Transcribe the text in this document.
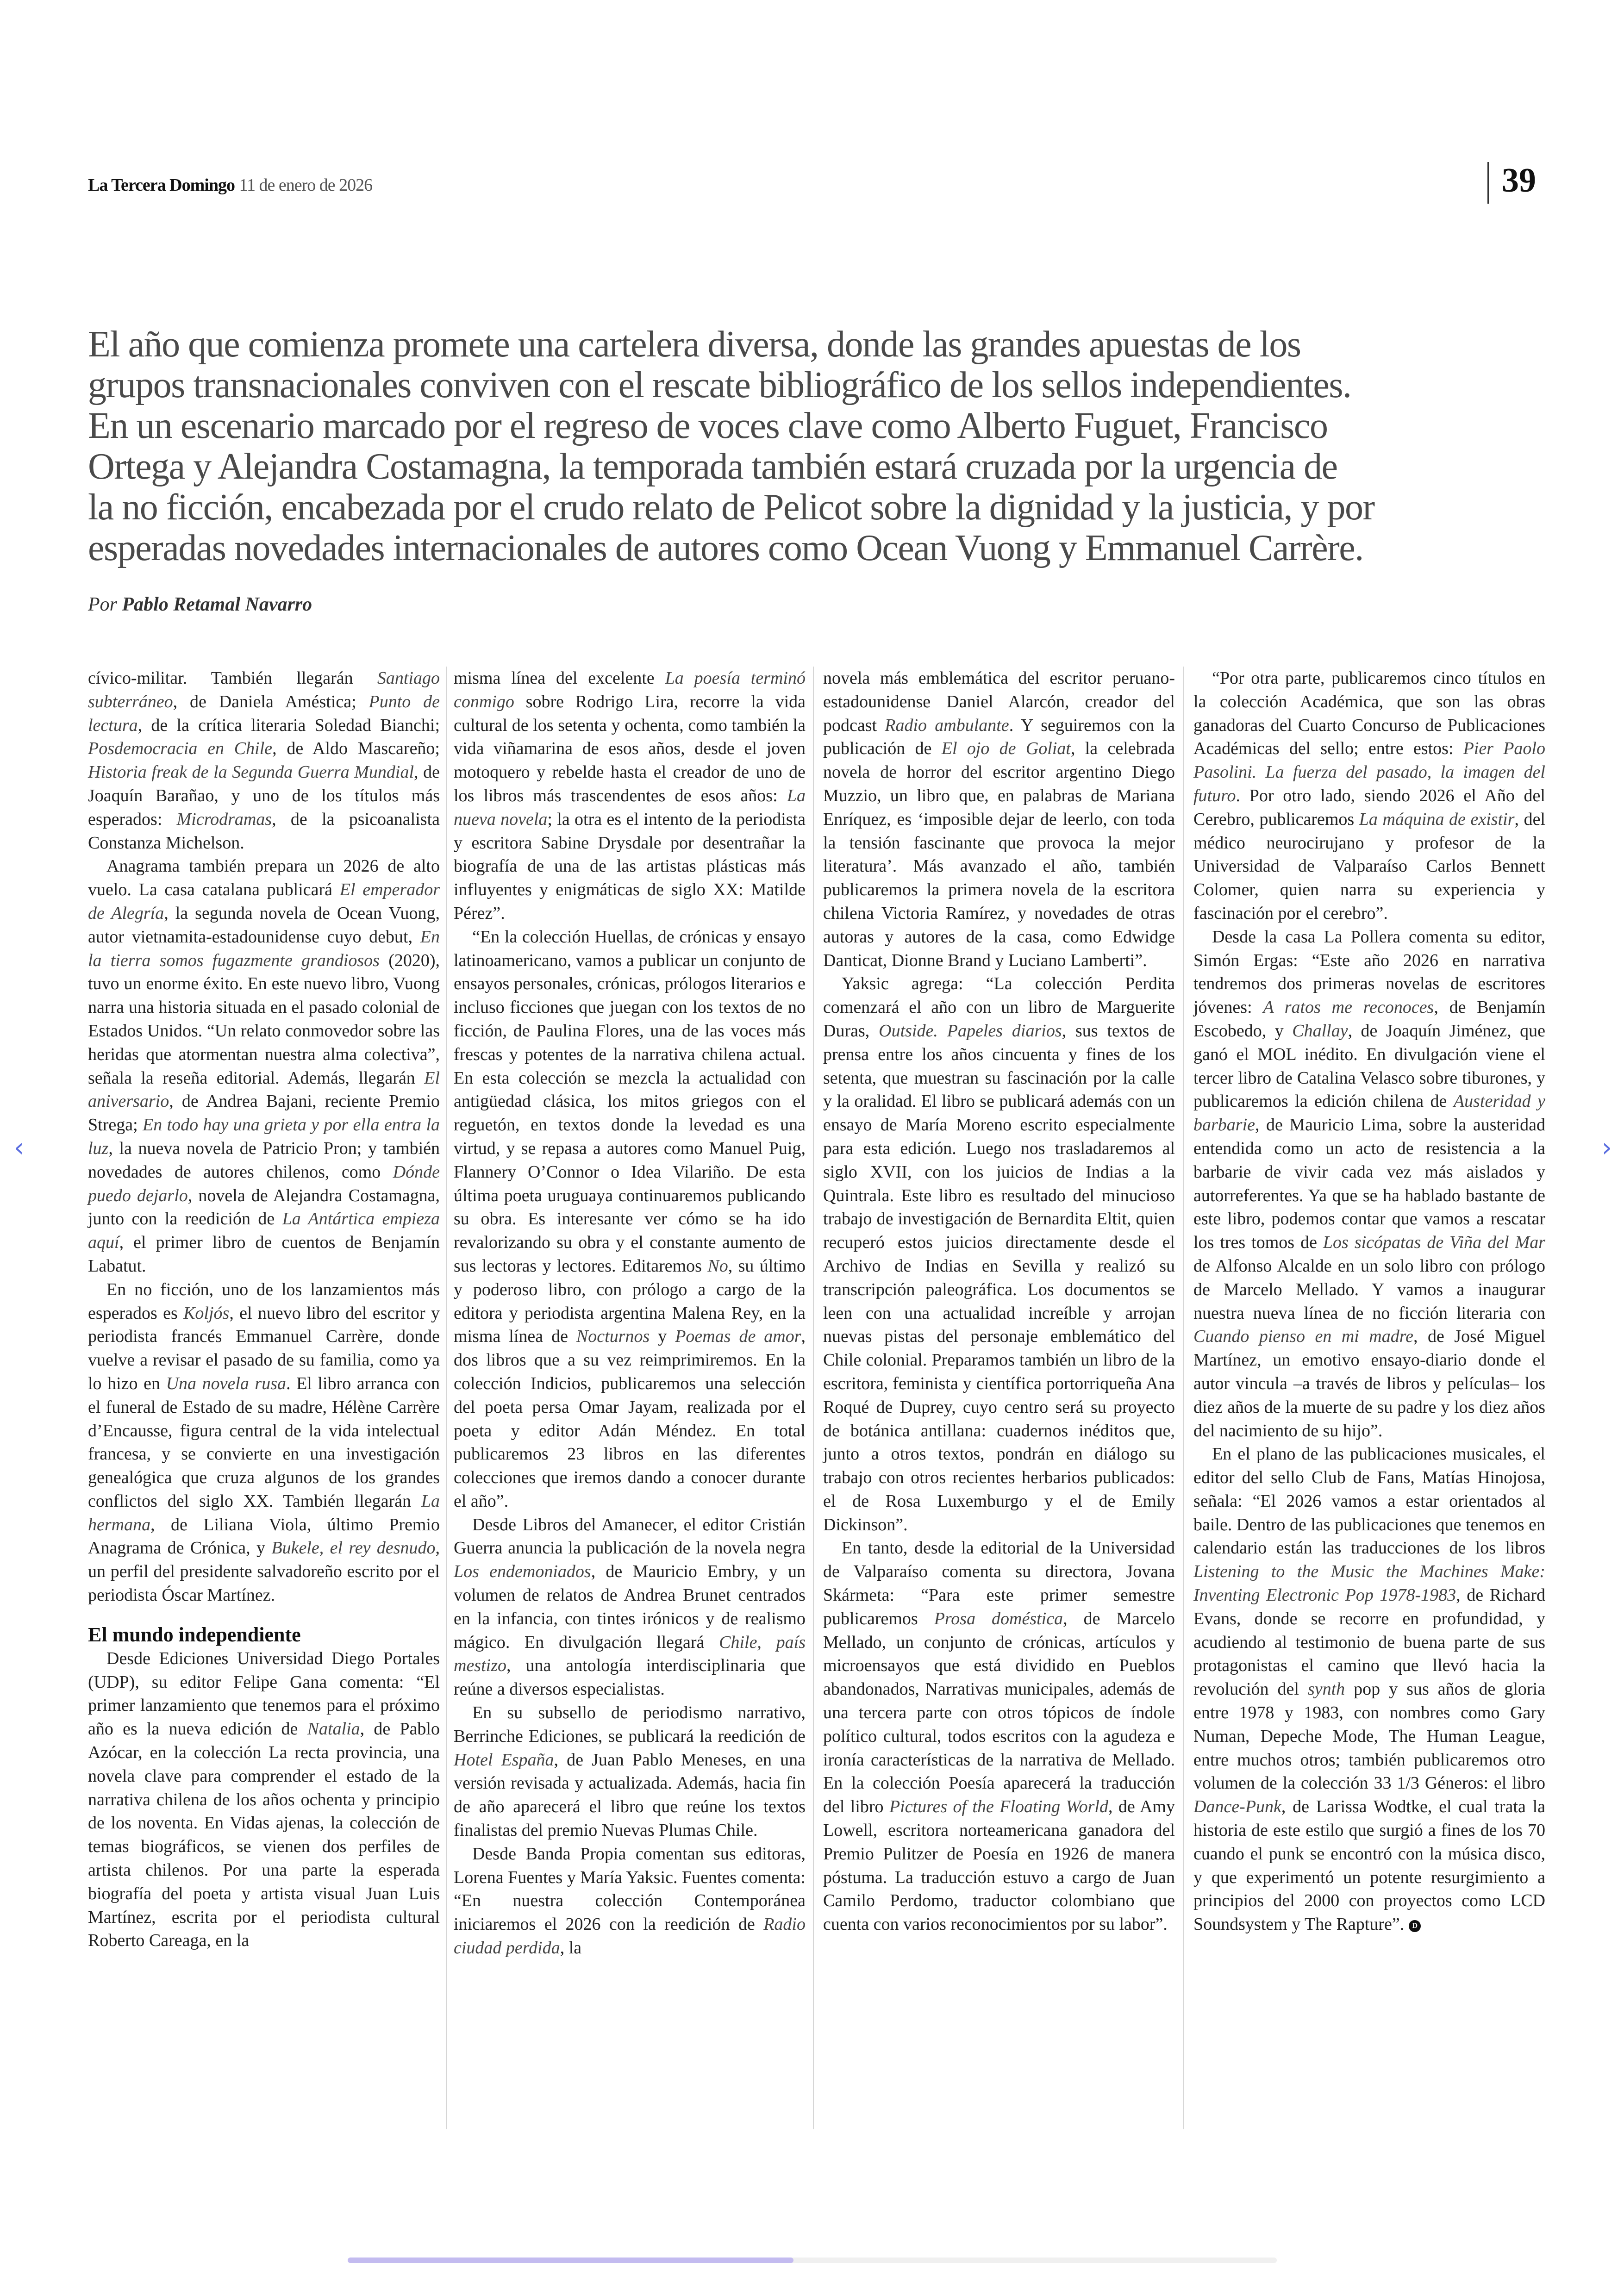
La Tercera Domingo 11 de enero de 2026	39
El año que comienza promete una cartelera diversa, donde las grandes apuestas de los
grupos transnacionales conviven con el rescate bibliográfico de los sellos independientes.
En un escenario marcado por el regreso de voces clave como Alberto Fuguet, Francisco
Ortega y Alejandra Costamagna, la temporada también estará cruzada por la urgencia de
la no ficción, encabezada por el crudo relato de Pelicot sobre la dignidad y la justicia, y por
esperadas novedades internacionales de autores como Ocean Vuong y Emmanuel Carrère.
Por Pablo Retamal Navarro

cívico-militar. También llegarán Santiago subterráneo, de Daniela Améstica; Punto de lectura, de la crítica literaria Soledad Bianchi; Posdemocracia en Chile, de Aldo Mascareño; Historia freak de la Segunda Guerra Mundial, de Joaquín Barañao, y uno de los títulos más esperados: Microdramas, de la psicoanalista Constanza Michelson.

Anagrama también prepara un 2026 de alto vuelo. La casa catalana publicará El emperador de Alegría, la segunda novela de Ocean Vuong, autor vietnamita-estadounidense cuyo debut, En la tierra somos fugazmente grandiosos (2020), tuvo un enorme éxito. En este nuevo libro, Vuong narra una historia situada en el pasado colonial de Estados Unidos. “Un relato conmovedor sobre las heridas que atormentan nuestra alma colectiva”, señala la reseña editorial. Además, llegarán El aniversario, de Andrea Bajani, reciente Premio Strega; En todo hay una grieta y por ella entra la luz, la nueva novela de Patricio Pron; y también novedades de autores chilenos, como Dónde puedo dejarlo, novela de Alejandra Costamagna, junto con la reedición de La Antártica empieza aquí, el primer libro de cuentos de Benjamín Labatut.

En no ficción, uno de los lanzamientos más esperados es Koljós, el nuevo libro del escritor y periodista francés Emmanuel Carrère, donde vuelve a revisar el pasado de su familia, como ya lo hizo en Una novela rusa. El libro arranca con el funeral de Estado de su madre, Hélène Carrère d’Encausse, figura central de la vida intelectual francesa, y se convierte en una investigación genealógica que cruza algunos de los grandes conflictos del siglo XX. También llegarán La hermana, de Liliana Viola, último Premio Anagrama de Crónica, y Bukele, el rey desnudo, un perfil del presidente salvadoreño escrito por el periodista Óscar Martínez.

El mundo independiente

Desde Ediciones Universidad Diego Portales (UDP), su editor Felipe Gana comenta: “El primer lanzamiento que tenemos para el próximo año es la nueva edición de Natalia, de Pablo Azócar, en la colección La recta provincia, una novela clave para comprender el estado de la narrativa chilena de los años ochenta y principio de los noventa. En Vidas ajenas, la colección de temas biográficos, se vienen dos perfiles de artista chilenos. Por una parte la esperada biografía del poeta y artista visual Juan Luis Martínez, escrita por el periodista cultural Roberto Careaga, en la

misma línea del excelente La poesía terminó conmigo sobre Rodrigo Lira, recorre la vida cultural de los setenta y ochenta, como también la vida viñamarina de esos años, desde el joven motoquero y rebelde hasta el creador de uno de los libros más trascendentes de esos años: La nueva novela; la otra es el intento de la periodista y escritora Sabine Drysdale por desentrañar la biografía de una de las artistas plásticas más influyentes y enigmáticas de siglo XX: Matilde Pérez”.

“En la colección Huellas, de crónicas y ensayo latinoamericano, vamos a publicar un conjunto de ensayos personales, crónicas, prólogos literarios e incluso ficciones que juegan con los textos de no ficción, de Paulina Flores, una de las voces más frescas y potentes de la narrativa chilena actual. En esta colección se mezcla la actualidad con antigüedad clásica, los mitos griegos con el reguetón, en textos donde la levedad es una virtud, y se repasa a autores como Manuel Puig, Flannery O’Connor o Idea Vilariño. De esta última poeta uruguaya continuaremos publicando su obra. Es interesante ver cómo se ha ido revalorizando su obra y el constante aumento de sus lectoras y lectores. Editaremos No, su último y poderoso libro, con prólogo a cargo de la editora y periodista argentina Malena Rey, en la misma línea de Nocturnos y Poemas de amor, dos libros que a su vez reimprimiremos. En la colección Indicios, publicaremos una selección del poeta persa Omar Jayam, realizada por el poeta y editor Adán Méndez. En total publicaremos 23 libros en las diferentes colecciones que iremos dando a conocer durante el año”.

Desde Libros del Amanecer, el editor Cristián Guerra anuncia la publicación de la novela negra Los endemoniados, de Mauricio Embry, y un volumen de relatos de Andrea Brunet centrados en la infancia, con tintes irónicos y de realismo mágico. En divulgación llegará Chile, país mestizo, una antología interdisciplinaria que reúne a diversos especialistas.

En su subsello de periodismo narrativo, Berrinche Ediciones, se publicará la reedición de Hotel España, de Juan Pablo Meneses, en una versión revisada y actualizada. Además, hacia fin de año aparecerá el libro que reúne los textos finalistas del premio Nuevas Plumas Chile.

Desde Banda Propia comentan sus editoras, Lorena Fuentes y María Yaksic. Fuentes comenta: “En nuestra colección Contemporánea iniciaremos el 2026 con la reedición de Radio ciudad perdida, la

novela más emblemática del escritor peruano-estadounidense Daniel Alarcón, creador del podcast Radio ambulante. Y seguiremos con la publicación de El ojo de Goliat, la celebrada novela de horror del escritor argentino Diego Muzzio, un libro que, en palabras de Mariana Enríquez, es ‘imposible dejar de leerlo, con toda la tensión fascinante que provoca la mejor literatura’. Más avanzado el año, también publicaremos la primera novela de la escritora chilena Victoria Ramírez, y novedades de otras autoras y autores de la casa, como Edwidge Danticat, Dionne Brand y Luciano Lamberti”.

Yaksic agrega: “La colección Perdita comenzará el año con un libro de Marguerite Duras, Outside. Papeles diarios, sus textos de prensa entre los años cincuenta y fines de los setenta, que muestran su fascinación por la calle y la oralidad. El libro se publicará además con un ensayo de María Moreno escrito especialmente para esta edición. Luego nos trasladaremos al siglo XVII, con los juicios de Indias a la Quintrala. Este libro es resultado del minucioso trabajo de investigación de Bernardita Eltit, quien recuperó estos juicios directamente desde el Archivo de Indias en Sevilla y realizó su transcripción paleográfica. Los documentos se leen con una actualidad increíble y arrojan nuevas pistas del personaje emblemático del Chile colonial. Preparamos también un libro de la escritora, feminista y científica portorriqueña Ana Roqué de Duprey, cuyo centro será su proyecto de botánica antillana: cuadernos inéditos que, junto a otros textos, pondrán en diálogo su trabajo con otros recientes herbarios publicados: el de Rosa Luxemburgo y el de Emily Dickinson”.

En tanto, desde la editorial de la Universidad de Valparaíso comenta su directora, Jovana Skármeta: “Para este primer semestre publicaremos Prosa doméstica, de Marcelo Mellado, un conjunto de crónicas, artículos y microensayos que está dividido en Pueblos abandonados, Narrativas municipales, además de una tercera parte con otros tópicos de índole político cultural, todos escritos con la agudeza e ironía características de la narrativa de Mellado. En la colección Poesía aparecerá la traducción del libro Pictures of the Floating World, de Amy Lowell, escritora norteamericana ganadora del Premio Pulitzer de Poesía en 1926 de manera póstuma. La traducción estuvo a cargo de Juan Camilo Perdomo, traductor colombiano que cuenta con varios reconocimientos por su labor”.

“Por otra parte, publicaremos cinco títulos en la colección Académica, que son las obras ganadoras del Cuarto Concurso de Publicaciones Académicas del sello; entre estos: Pier Paolo Pasolini. La fuerza del pasado, la imagen del futuro. Por otro lado, siendo 2026 el Año del Cerebro, publicaremos La máquina de existir, del médico neurocirujano y profesor de la Universidad de Valparaíso Carlos Bennett Colomer, quien narra su experiencia y fascinación por el cerebro”.

Desde la casa La Pollera comenta su editor, Simón Ergas: “Este año 2026 en narrativa tendremos dos primeras novelas de escritores jóvenes: A ratos me reconoces, de Benjamín Escobedo, y Challay, de Joaquín Jiménez, que ganó el MOL inédito. En divulgación viene el tercer libro de Catalina Velasco sobre tiburones, y publicaremos la edición chilena de Austeridad y barbarie, de Mauricio Lima, sobre la austeridad entendida como un acto de resistencia a la barbarie de vivir cada vez más aislados y autorreferentes. Ya que se ha hablado bastante de este libro, podemos contar que vamos a rescatar los tres tomos de Los sicópatas de Viña del Mar de Alfonso Alcalde en un solo libro con prólogo de Marcelo Mellado. Y vamos a inaugurar nuestra nueva línea de no ficción literaria con Cuando pienso en mi madre, de José Miguel Martínez, un emotivo ensayo-diario donde el autor vincula –a través de libros y películas– los diez años de la muerte de su padre y los diez años del nacimiento de su hijo”.

En el plano de las publicaciones musicales, el editor del sello Club de Fans, Matías Hinojosa, señala: “El 2026 vamos a estar orientados al baile. Dentro de las publicaciones que tenemos en calendario están las traducciones de los libros Listening to the Music the Machines Make: Inventing Electronic Pop 1978-1983, de Richard Evans, donde se recorre en profundidad, y acudiendo al testimonio de buena parte de sus protagonistas el camino que llevó hacia la revolución del synth pop y sus años de gloria entre 1978 y 1983, con nombres como Gary Numan, Depeche Mode, The Human League, entre muchos otros; también publicaremos otro volumen de la colección 33 1/3 Géneros: el libro Dance-Punk, de Larissa Wodtke, el cual trata la historia de este estilo que surgió a fines de los 70 cuando el punk se encontró con la música disco, y que experimentó un potente resurgimiento a principios del 2000 con proyectos como LCD Soundsystem y The Rapture”. D

‹	›
